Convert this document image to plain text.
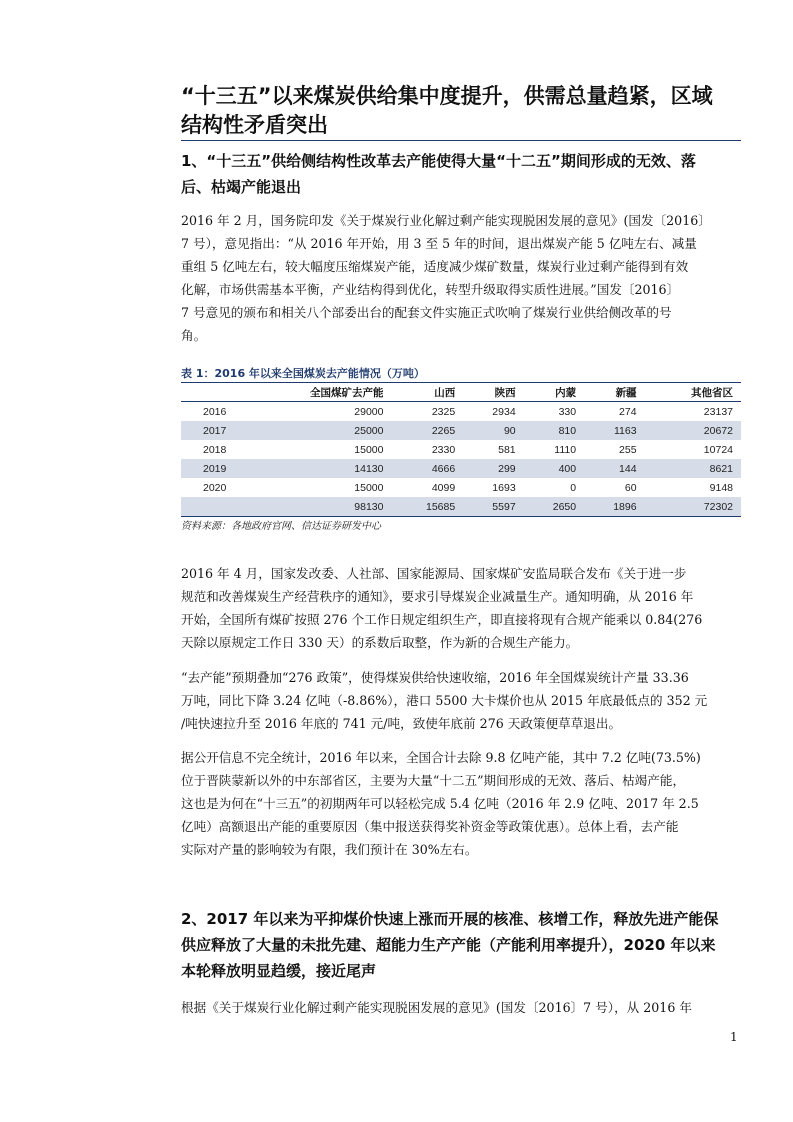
“十三五”以来煤炭供给集中度提升，供需总量趋紧，区域
结构性矛盾突出
1、“十三五”供给侧结构性改革去产能使得大量“十二五”期间形成的无效、落
后、枯竭产能退出
2016 年 2 月，国务院印发《关于煤炭行业化解过剩产能实现脱困发展的意见》(国发〔2016〕
7 号），意见指出：“从 2016 年开始，用 3 至 5 年的时间，退出煤炭产能 5 亿吨左右、减量
重组 5 亿吨左右，较大幅度压缩煤炭产能，适度减少煤矿数量，煤炭行业过剩产能得到有效
化解，市场供需基本平衡，产业结构得到优化，转型升级取得实质性进展。”国发〔2016〕
7 号意见的颁布和相关八个部委出台的配套文件实施正式吹响了煤炭行业供给侧改革的号
角。
表 1：2016 年以来全国煤炭去产能情况（万吨）
	全国煤矿去产能	山西	陕西	内蒙	新疆	其他省区
2016	29000	2325	2934	330	274	23137
2017	25000	2265	90	810	1163	20672
2018	15000	2330	581	1110	255	10724
2019	14130	4666	299	400	144	8621
2020	15000	4099	1693	0	60	9148
	98130	15685	5597	2650	1896	72302
资料来源：各地政府官网、信达证券研发中心
2016 年 4 月，国家发改委、人社部、国家能源局、国家煤矿安监局联合发布《关于进一步
规范和改善煤炭生产经营秩序的通知》，要求引导煤炭企业减量生产。通知明确，从 2016 年
开始，全国所有煤矿按照 276 个工作日规定组织生产，即直接将现有合规产能乘以 0.84(276
天除以原规定工作日 330 天）的系数后取整，作为新的合规生产能力。
“去产能”预期叠加“276 政策”，使得煤炭供给快速收缩，2016 年全国煤炭统计产量 33.36
万吨，同比下降 3.24 亿吨（-8.86%），港口 5500 大卡煤价也从 2015 年底最低点的 352 元
/吨快速拉升至 2016 年底的 741 元/吨，致使年底前 276 天政策便草草退出。
据公开信息不完全统计，2016 年以来，全国合计去除 9.8 亿吨产能，其中 7.2 亿吨(73.5%)
位于晋陕蒙新以外的中东部省区，主要为大量“十二五”期间形成的无效、落后、枯竭产能，
这也是为何在“十三五”的初期两年可以轻松完成 5.4 亿吨（2016 年 2.9 亿吨、2017 年 2.5
亿吨）高额退出产能的重要原因（集中报送获得奖补资金等政策优惠）。总体上看，去产能
实际对产量的影响较为有限，我们预计在 30%左右。
2、2017 年以来为平抑煤价快速上涨而开展的核准、核增工作，释放先进产能保
供应释放了大量的未批先建、超能力生产产能（产能利用率提升），2020 年以来
本轮释放明显趋缓，接近尾声
根据《关于煤炭行业化解过剩产能实现脱困发展的意见》(国发〔2016〕7 号），从 2016 年
1
